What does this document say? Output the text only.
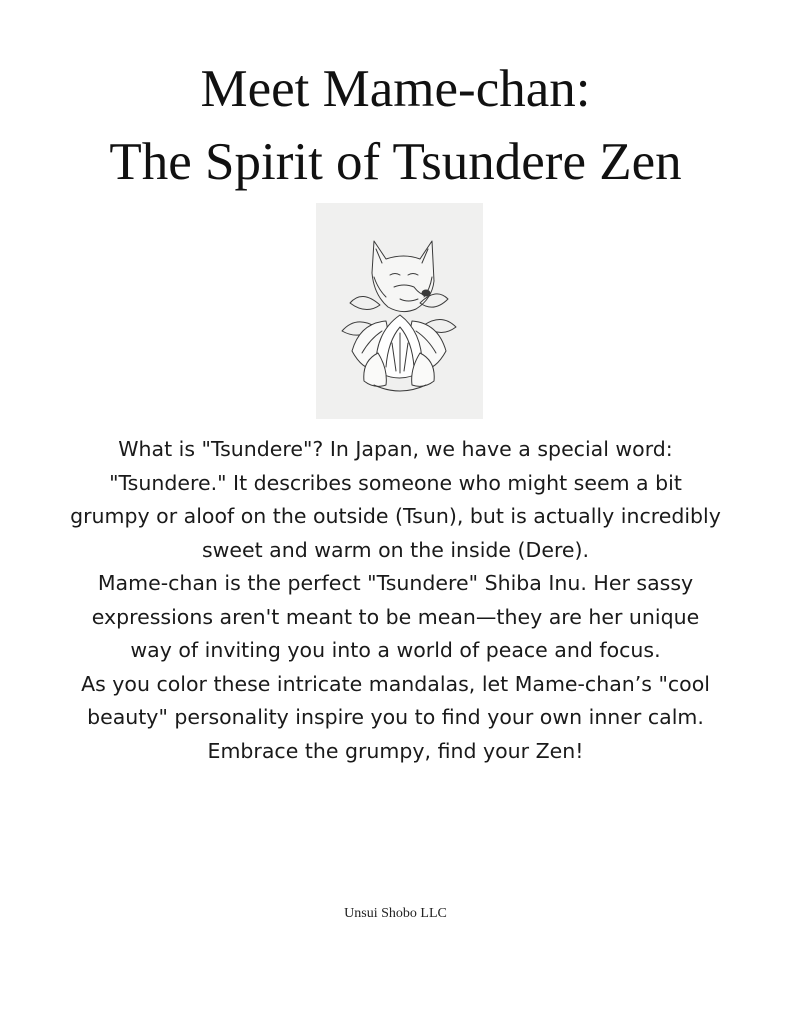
Meet Mame-chan:
The Spirit of Tsundere Zen

What is "Tsundere"? In Japan, we have a special word: "Tsundere." It describes someone who might seem a bit grumpy or aloof on the outside (Tsun), but is actually incredibly sweet and warm on the inside (Dere).

Mame-chan is the perfect "Tsundere" Shiba Inu. Her sassy expressions aren't meant to be mean—they are her unique way of inviting you into a world of peace and focus.

As you color these intricate mandalas, let Mame-chan’s "cool beauty" personality inspire you to find your own inner calm. Embrace the grumpy, find your Zen!

Unsui Shobo LLC
